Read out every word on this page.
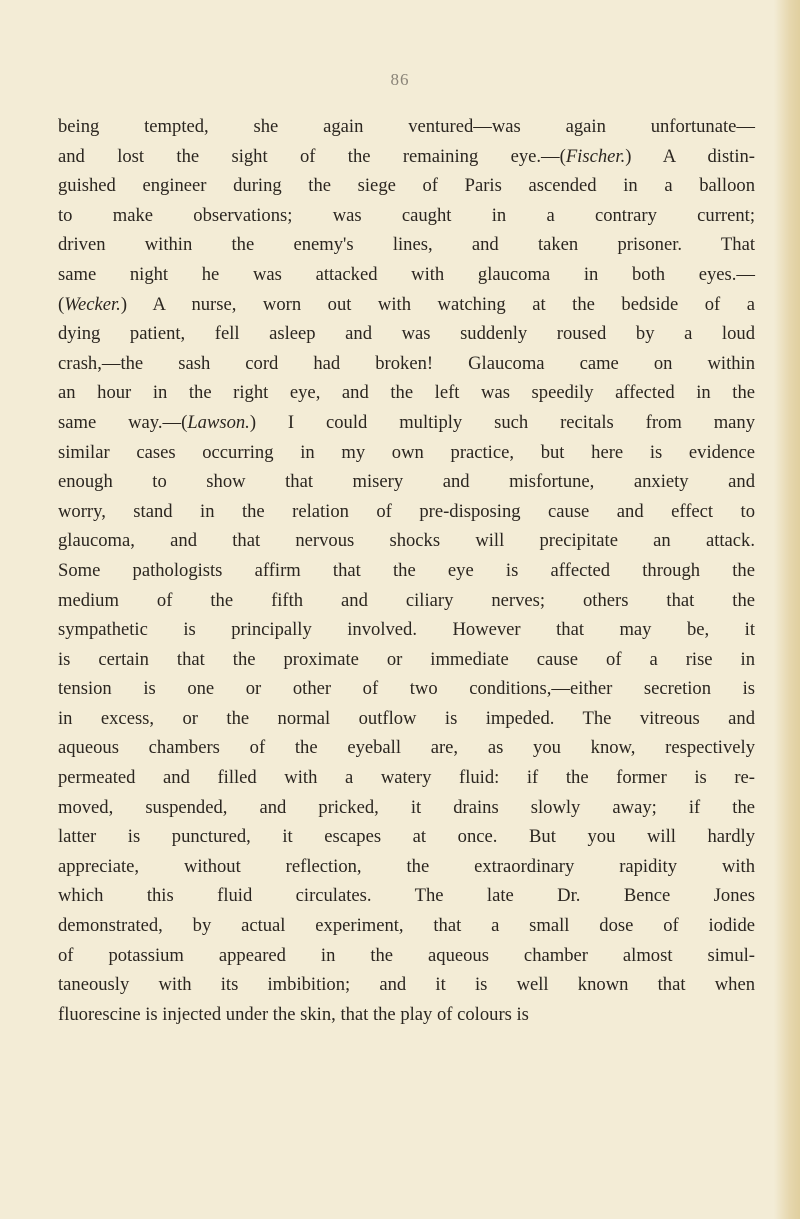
86
being tempted, she again ventured—was again unfortunate—
and lost the sight of the remaining eye.—(Fischer.) A distin-
guished engineer during the siege of Paris ascended in a balloon
to make observations; was caught in a contrary current;
driven within the enemy's lines, and taken prisoner. That
same night he was attacked with glaucoma in both eyes.—
(Wecker.) A nurse, worn out with watching at the bedside of a
dying patient, fell asleep and was suddenly roused by a loud
crash,—the sash cord had broken! Glaucoma came on within
an hour in the right eye, and the left was speedily affected in the
same way.—(Lawson.) I could multiply such recitals from many
similar cases occurring in my own practice, but here is evidence
enough to show that misery and misfortune, anxiety and
worry, stand in the relation of pre-disposing cause and effect to
glaucoma, and that nervous shocks will precipitate an attack.
Some pathologists affirm that the eye is affected through the
medium of the fifth and ciliary nerves; others that the
sympathetic is principally involved. However that may be, it
is certain that the proximate or immediate cause of a rise in
tension is one or other of two conditions,—either secretion is
in excess, or the normal outflow is impeded. The vitreous and
aqueous chambers of the eyeball are, as you know, respectively
permeated and filled with a watery fluid: if the former is re-
moved, suspended, and pricked, it drains slowly away; if the
latter is punctured, it escapes at once. But you will hardly
appreciate, without reflection, the extraordinary rapidity with
which this fluid circulates. The late Dr. Bence Jones
demonstrated, by actual experiment, that a small dose of iodide
of potassium appeared in the aqueous chamber almost simul-
taneously with its imbibition; and it is well known that when
fluorescine is injected under the skin, that the play of colours is
